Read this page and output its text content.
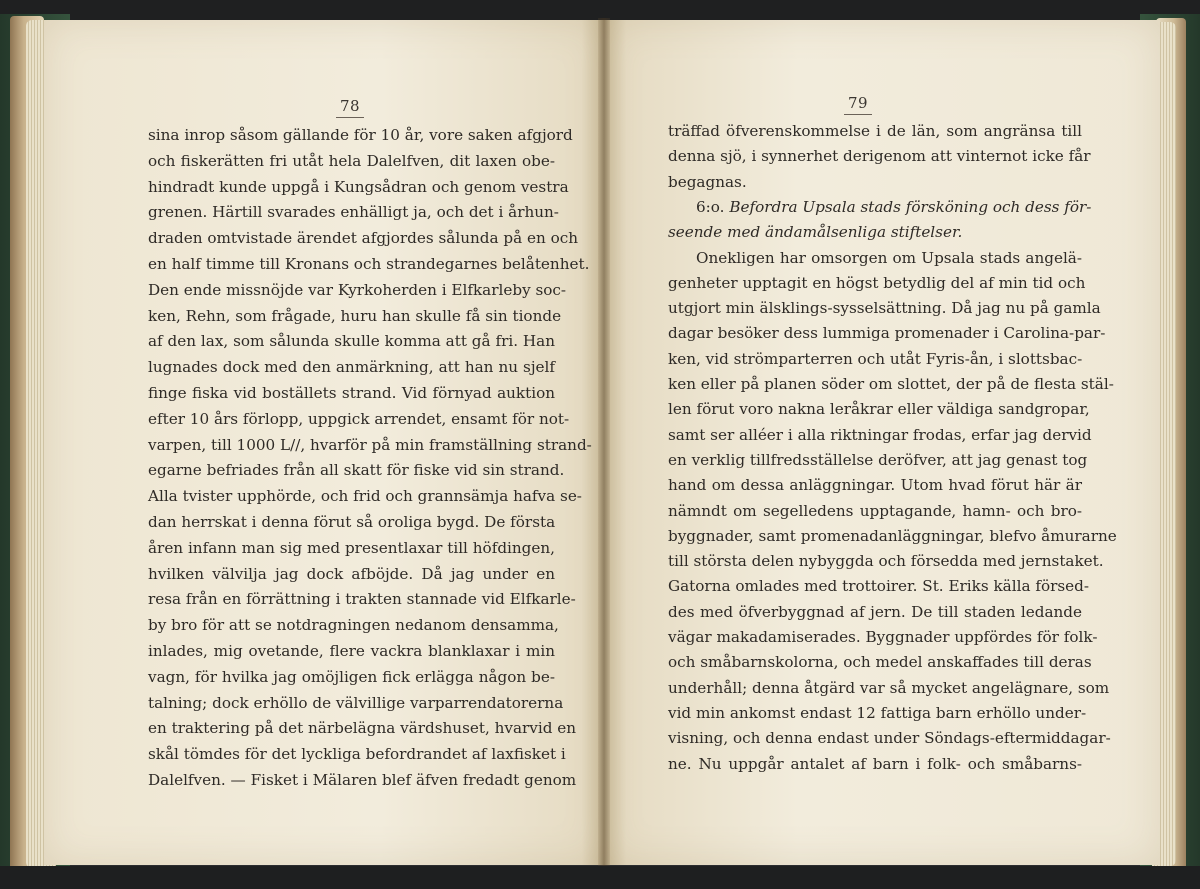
78
sina inrop såsom gällande för 10 år, vore saken afgjord
och fiskerätten fri utåt hela Dalelfven, dit laxen obe-
hindradt kunde uppgå i Kungsådran och genom vestra
grenen. Härtill svarades enhälligt ja, och det i århun-
draden omtvistade ärendet afgjordes sålunda på en och
en half timme till Kronans och strandegarnes belåtenhet.
Den ende missnöjde var Kyrkoherden i Elfkarleby soc-
ken, Rehn, som frågade, huru han skulle få sin tionde
af den lax, som sålunda skulle komma att gå fri. Han
lugnades dock med den anmärkning, att han nu sjelf
finge fiska vid boställets strand. Vid förnyad auktion
efter 10 års förlopp, uppgick arrendet, ensamt för not-
varpen, till 1000 L//, hvarför på min framställning strand-
egarne befriades från all skatt för fiske vid sin strand.
Alla tvister upphörde, och frid och grannsämja hafva se-
dan herrskat i denna förut så oroliga bygd. De första
åren infann man sig med presentlaxar till höfdingen,
hvilken välvilja jag dock afböjde. Då jag under en
resa från en förrättning i trakten stannade vid Elfkarle-
by bro för att se notdragningen nedanom densamma,
inlades, mig ovetande, flere vackra blanklaxar i min
vagn, för hvilka jag omöjligen fick erlägga någon be-
talning; dock erhöllo de välvillige varparrendatorerna
en traktering på det närbelägna värdshuset, hvarvid en
skål tömdes för det lyckliga befordrandet af laxfisket i
Dalelfven. — Fisket i Mälaren blef äfven fredadt genom
79
träffad öfverenskommelse i de län, som angränsa till
denna sjö, i synnerhet derigenom att vinternot icke får
begagnas.
6:o. Befordra Upsala stads försköning och dess för-
seende med ändamålsenliga stiftelser.
Onekligen har omsorgen om Upsala stads angelä-
genheter upptagit en högst betydlig del af min tid och
utgjort min älsklings-sysselsättning. Då jag nu på gamla
dagar besöker dess lummiga promenader i Carolina-par-
ken, vid strömparterren och utåt Fyris-ån, i slottsbac-
ken eller på planen söder om slottet, der på de flesta stäl-
len förut voro nakna leråkrar eller väldiga sandgropar,
samt ser alléer i alla riktningar frodas, erfar jag dervid
en verklig tillfredsställelse deröfver, att jag genast tog
hand om dessa anläggningar. Utom hvad förut här är
nämndt om segelledens upptagande, hamn- och bro-
byggnader, samt promenadanläggningar, blefvo åmurarne
till största delen nybyggda och försedda med jernstaket.
Gatorna omlades med trottoirer. St. Eriks källa försed-
des med öfverbyggnad af jern. De till staden ledande
vägar makadamiserades. Byggnader uppfördes för folk-
och småbarnskolorna, och medel anskaffades till deras
underhåll; denna åtgärd var så mycket angelägnare, som
vid min ankomst endast 12 fattiga barn erhöllo under-
visning, och denna endast under Söndags-eftermiddagar-
ne. Nu uppgår antalet af barn i folk- och småbarns-
